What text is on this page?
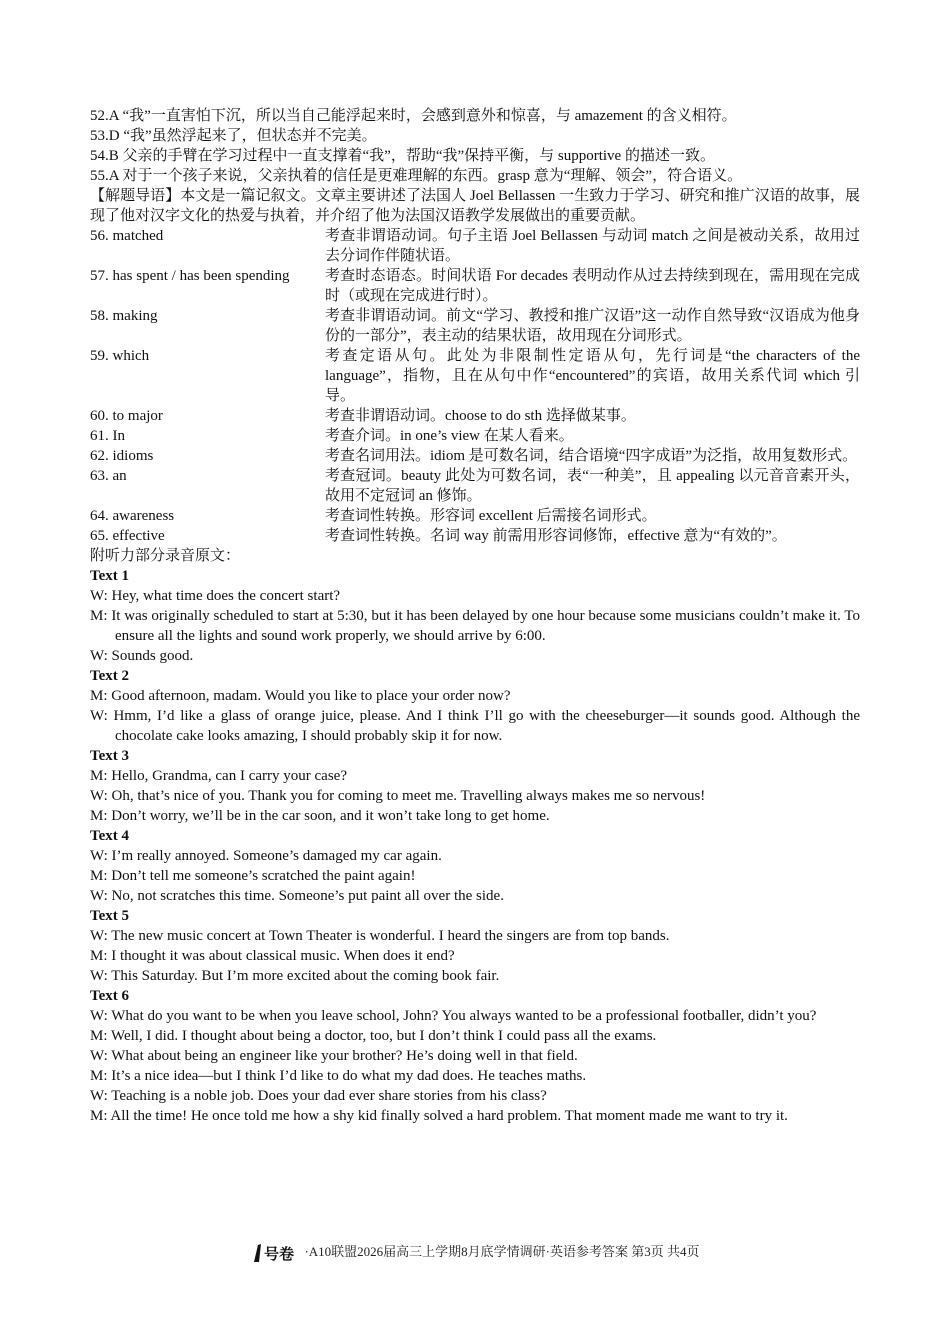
52.A “我”一直害怕下沉，所以当自己能浮起来时，会感到意外和惊喜，与 amazement 的含义相符。

53.D “我”虽然浮起来了，但状态并不完美。

54.B 父亲的手臂在学习过程中一直支撑着“我”，帮助“我”保持平衡，与 supportive 的描述一致。

55.A 对于一个孩子来说，父亲执着的信任是更难理解的东西。grasp 意为“理解、领会”，符合语义。

【解题导语】本文是一篇记叙文。文章主要讲述了法国人 Joel Bellassen 一生致力于学习、研究和推广汉语的故事，展现了他对汉字文化的热爱与执着，并介绍了他为法国汉语教学发展做出的重要贡献。

56. matched	考查非谓语动词。句子主语 Joel Bellassen 与动词 match 之间是被动关系，故用过去分词作伴随状语。
57. has spent / has been spending	考查时态语态。时间状语 For decades 表明动作从过去持续到现在，需用现在完成时（或现在完成进行时）。
58. making	考查非谓语动词。前文“学习、教授和推广汉语”这一动作自然导致“汉语成为他身份的一部分”，表主动的结果状语，故用现在分词形式。
59. which	考查定语从句。此处为非限制性定语从句，先行词是“the characters of the language”，指物，且在从句中作“encountered”的宾语，故用关系代词 which 引导。
60. to major	考查非谓语动词。choose to do sth 选择做某事。
61. In	考查介词。in one’s view 在某人看来。
62. idioms	考查名词用法。idiom 是可数名词，结合语境“四字成语”为泛指，故用复数形式。
63. an	考查冠词。beauty 此处为可数名词，表“一种美”，且 appealing 以元音音素开头，故用不定冠词 an 修饰。
64. awareness	考查词性转换。形容词 excellent 后需接名词形式。
65. effective	考查词性转换。名词 way 前需用形容词修饰，effective 意为“有效的”。

附听力部分录音原文：

Text 1

W: Hey, what time does the concert start?

M: It was originally scheduled to start at 5:30, but it has been delayed by one hour because some musicians couldn’t make it. To ensure all the lights and sound work properly, we should arrive by 6:00.

W: Sounds good.

Text 2

M: Good afternoon, madam. Would you like to place your order now?

W: Hmm, I’d like a glass of orange juice, please. And I think I’ll go with the cheeseburger—it sounds good. Although the chocolate cake looks amazing, I should probably skip it for now.

Text 3

M: Hello, Grandma, can I carry your case?

W: Oh, that’s nice of you. Thank you for coming to meet me. Travelling always makes me so nervous!

M: Don’t worry, we’ll be in the car soon, and it won’t take long to get home.

Text 4

W: I’m really annoyed. Someone’s damaged my car again.

M: Don’t tell me someone’s scratched the paint again!

W: No, not scratches this time. Someone’s put paint all over the side.

Text 5

W: The new music concert at Town Theater is wonderful. I heard the singers are from top bands.

M: I thought it was about classical music. When does it end?

W: This Saturday. But I’m more excited about the coming book fair.

Text 6

W: What do you want to be when you leave school, John? You always wanted to be a professional footballer, didn’t you?

M: Well, I did. I thought about being a doctor, too, but I don’t think I could pass all the exams.

W: What about being an engineer like your brother? He’s doing well in that field.

M: It’s a nice idea—but I think I’d like to do what my dad does. He teaches maths.

W: Teaching is a noble job. Does your dad ever share stories from his class?

M: All the time! He once told me how a shy kid finally solved a hard problem. That moment made me want to try it.

号卷 ·A10联盟2026届高三上学期8月底学情调研·英语参考答案 第3页 共4页
